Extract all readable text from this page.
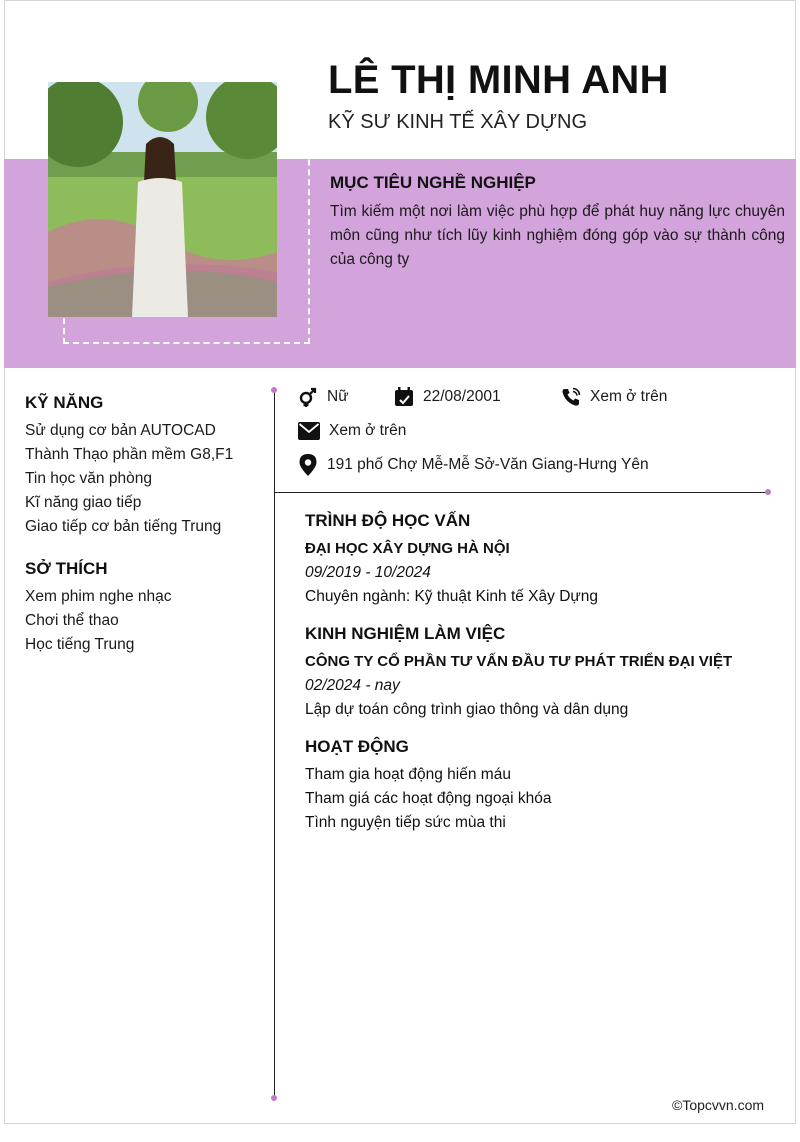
LÊ THỊ MINH ANH
KỸ SƯ KINH TẾ XÂY DỰNG
MỤC TIÊU NGHỀ NGHIỆP
Tìm kiếm một nơi làm việc phù hợp để phát huy năng lực chuyên môn cũng như tích lũy kinh nghiệm đóng góp vào sự thành công của công ty
KỸ NĂNG
Sử dụng cơ bản AUTOCAD
Thành Thạo phần mềm G8,F1
Tin học văn phòng
Kĩ năng giao tiếp
Giao tiếp cơ bản tiếng Trung
SỞ THÍCH
Xem phim nghe nhạc
Chơi thể thao
Học tiếng Trung
Nữ	22/08/2001	Xem ở trên
Xem ở trên
191 phố Chợ Mễ-Mễ Sở-Văn Giang-Hưng Yên
TRÌNH ĐỘ HỌC VẤN
ĐẠI HỌC XÂY DỰNG HÀ NỘI
09/2019 - 10/2024
Chuyên ngành: Kỹ thuật Kinh tế Xây Dựng
KINH NGHIỆM LÀM VIỆC
CÔNG TY CỔ PHẦN TƯ VẤN ĐẦU TƯ PHÁT TRIỂN ĐẠI VIỆT
02/2024 - nay
Lập dự toán công trình giao thông và dân dụng
HOẠT ĐỘNG
Tham gia hoạt động hiến máu
Tham giá các hoạt động ngoại khóa
Tình nguyện tiếp sức mùa thi
©Topcvvn.com
